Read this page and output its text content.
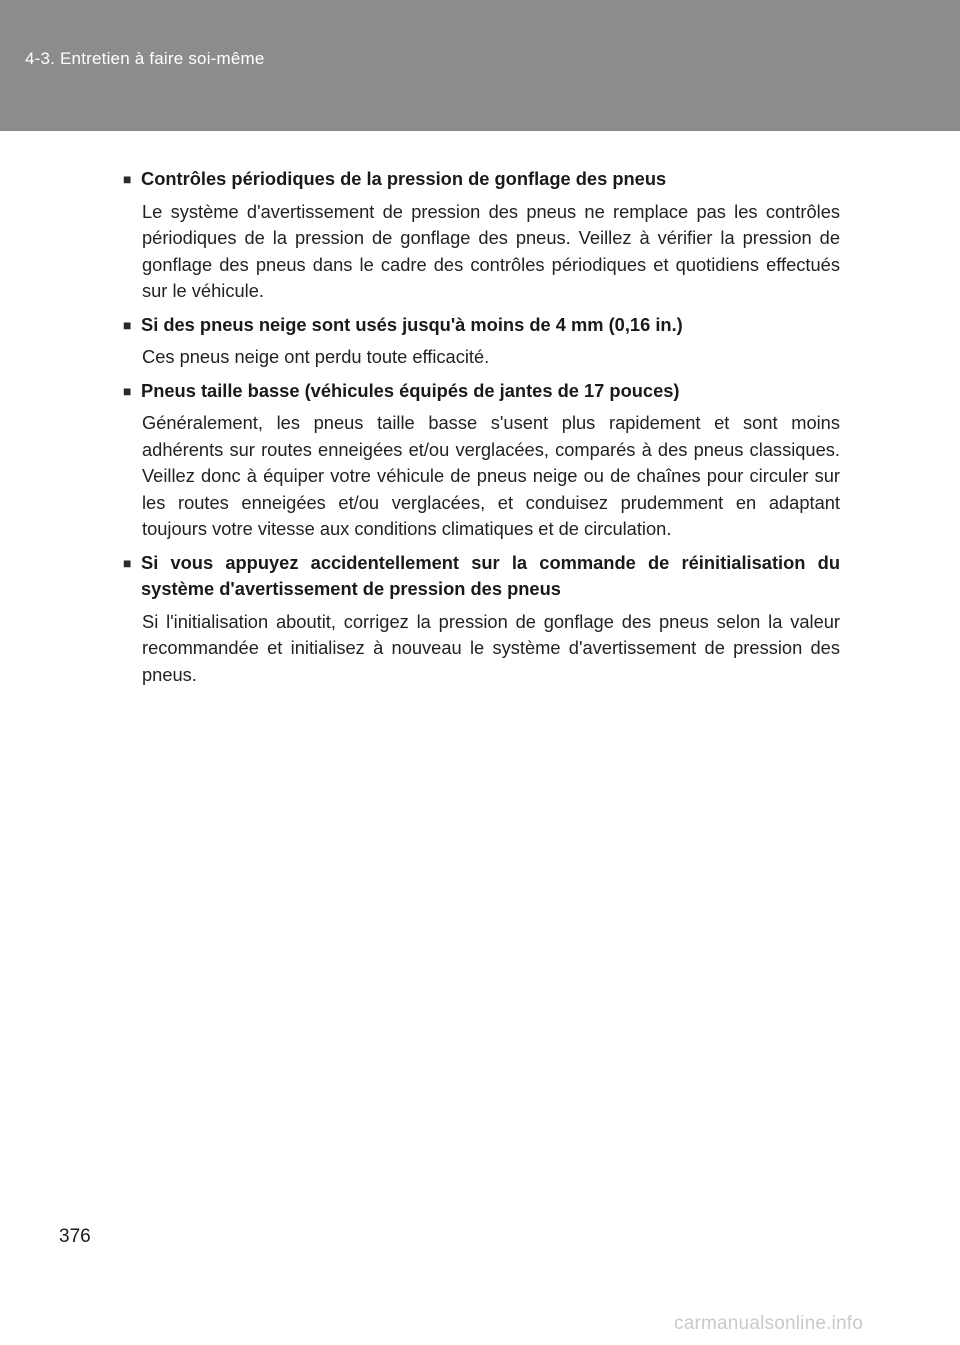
4-3. Entretien à faire soi-même
■ Contrôles périodiques de la pression de gonflage des pneus
Le système d'avertissement de pression des pneus ne remplace pas les contrôles périodiques de la pression de gonflage des pneus. Veillez à vérifier la pression de gonflage des pneus dans le cadre des contrôles périodiques et quotidiens effectués sur le véhicule.
■ Si des pneus neige sont usés jusqu'à moins de 4 mm (0,16 in.)
Ces pneus neige ont perdu toute efficacité.
■ Pneus taille basse (véhicules équipés de jantes de 17 pouces)
Généralement, les pneus taille basse s'usent plus rapidement et sont moins adhérents sur routes enneigées et/ou verglacées, comparés à des pneus classiques. Veillez donc à équiper votre véhicule de pneus neige ou de chaînes pour circuler sur les routes enneigées et/ou verglacées, et conduisez prudemment en adaptant toujours votre vitesse aux conditions climatiques et de circulation.
■ Si vous appuyez accidentellement sur la commande de réinitialisation du système d'avertissement de pression des pneus
Si l'initialisation aboutit, corrigez la pression de gonflage des pneus selon la valeur recommandée et initialisez à nouveau le système d'avertissement de pression des pneus.
376
carmanualsonline.info
